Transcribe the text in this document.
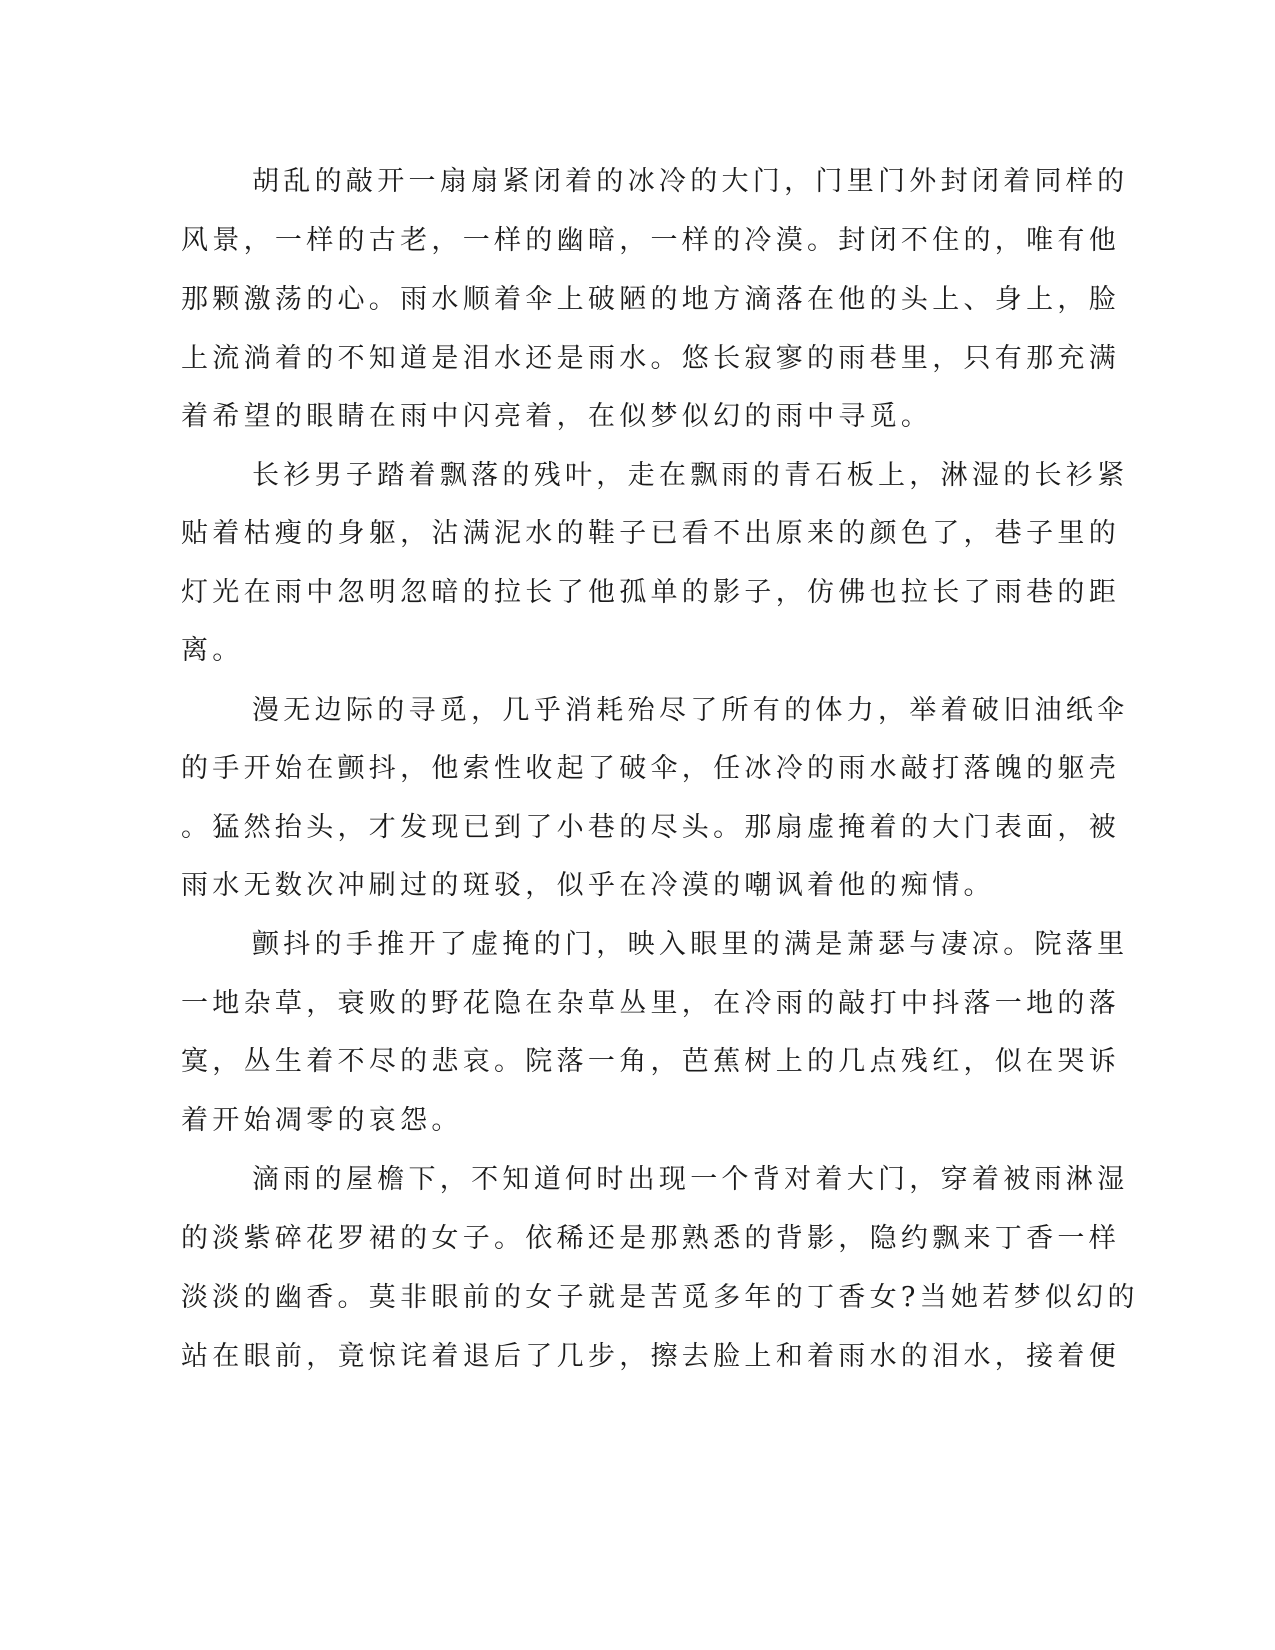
胡乱的敲开一扇扇紧闭着的冰冷的大门，门里门外封闭着同样的
风景，一样的古老，一样的幽暗，一样的冷漠。封闭不住的，唯有他
那颗激荡的心。雨水顺着伞上破陋的地方滴落在他的头上、身上，脸
上流淌着的不知道是泪水还是雨水。悠长寂寥的雨巷里，只有那充满
着希望的眼睛在雨中闪亮着，在似梦似幻的雨中寻觅。
长衫男子踏着飘落的残叶，走在飘雨的青石板上，淋湿的长衫紧
贴着枯瘦的身躯，沾满泥水的鞋子已看不出原来的颜色了，巷子里的
灯光在雨中忽明忽暗的拉长了他孤单的影子，仿佛也拉长了雨巷的距
离。
漫无边际的寻觅，几乎消耗殆尽了所有的体力，举着破旧油纸伞
的手开始在颤抖，他索性收起了破伞，任冰冷的雨水敲打落魄的躯壳
。猛然抬头，才发现已到了小巷的尽头。那扇虚掩着的大门表面，被
雨水无数次冲刷过的斑驳，似乎在冷漠的嘲讽着他的痴情。
颤抖的手推开了虚掩的门，映入眼里的满是萧瑟与凄凉。院落里
一地杂草，衰败的野花隐在杂草丛里，在冷雨的敲打中抖落一地的落
寞，丛生着不尽的悲哀。院落一角，芭蕉树上的几点残红，似在哭诉
着开始凋零的哀怨。
滴雨的屋檐下，不知道何时出现一个背对着大门，穿着被雨淋湿
的淡紫碎花罗裙的女子。依稀还是那熟悉的背影，隐约飘来丁香一样
淡淡的幽香。莫非眼前的女子就是苦觅多年的丁香女?当她若梦似幻的
站在眼前，竟惊诧着退后了几步，擦去脸上和着雨水的泪水，接着便
